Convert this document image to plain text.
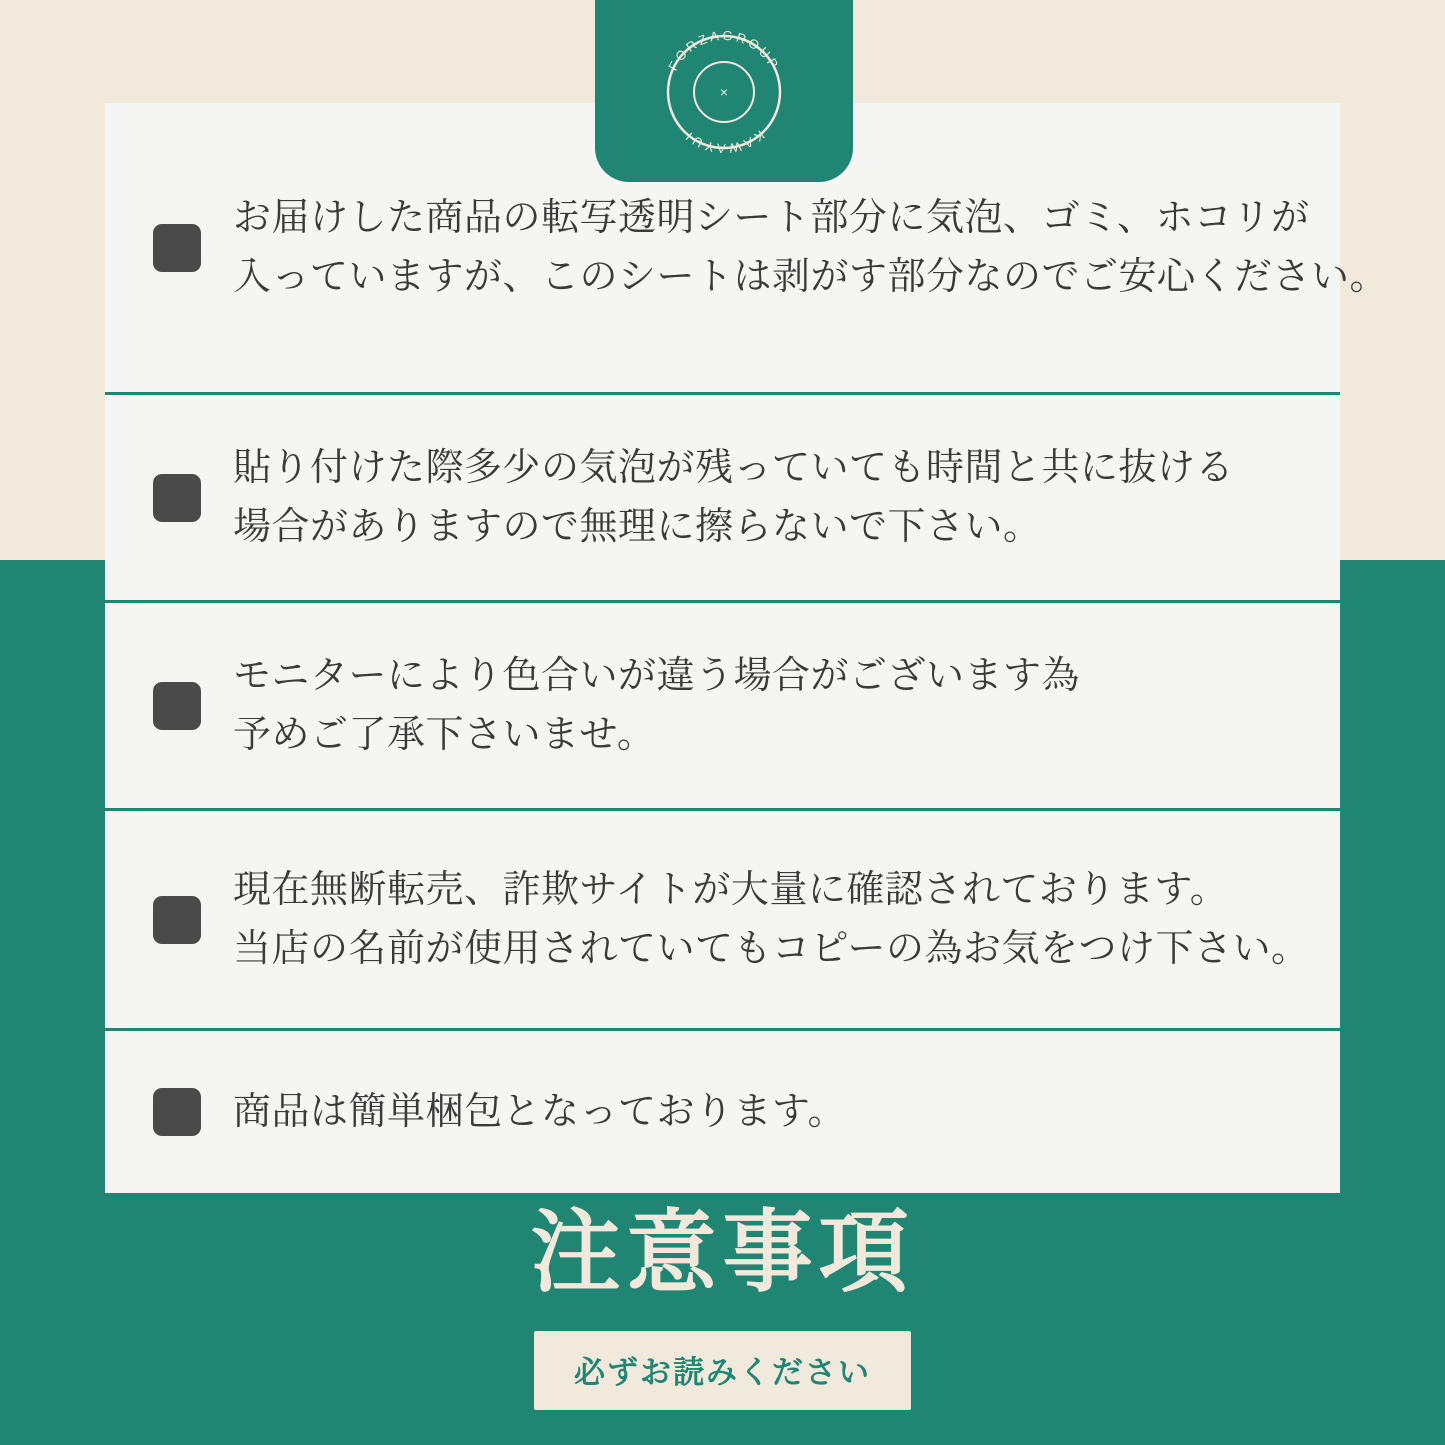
FORZAGROUP
KAWAYUI
×
お届けした商品の転写透明シート部分に気泡、ゴミ、ホコリが
入っていますが、このシートは剥がす部分なのでご安心ください。
貼り付けた際多少の気泡が残っていても時間と共に抜ける
場合がありますので無理に擦らないで下さい。
モニターにより色合いが違う場合がございます為
予めご了承下さいませ。
現在無断転売、詐欺サイトが大量に確認されております。
当店の名前が使用されていてもコピーの為お気をつけ下さい。
商品は簡単梱包となっております。
注意事項
必ずお読みください
